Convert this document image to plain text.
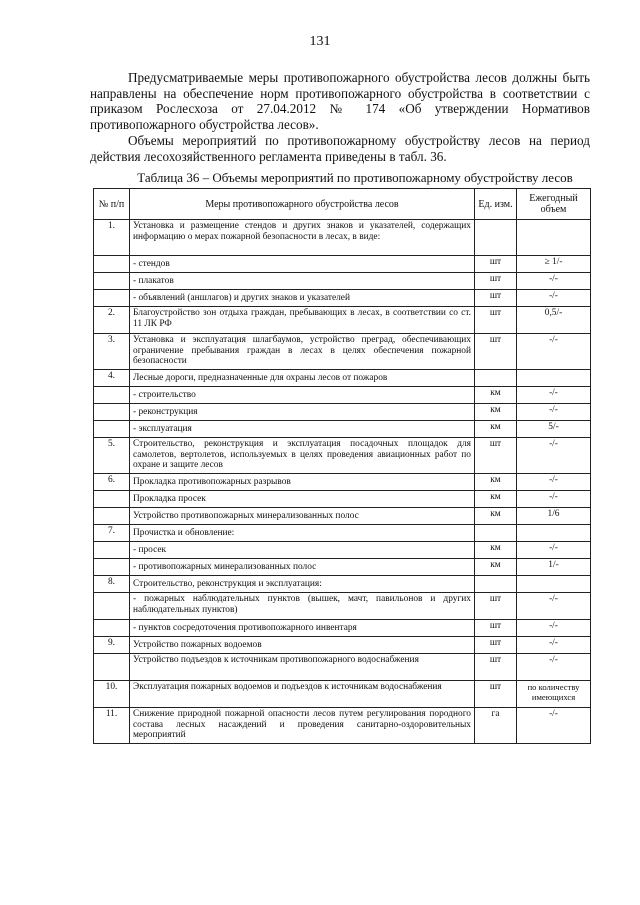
131

Предусматриваемые меры противопожарного обустройства лесов должны быть направлены на обеспечение норм противопожарного обустройства в соответствии с приказом Рослесхоза от 27.04.2012 № 174 «Об утверждении Нормативов противопожарного обустройства лесов».

Объемы мероприятий по противопожарному обустройству лесов на период действия лесохозяйственного регламента приведены в табл. 36.

Таблица 36 – Объемы мероприятий по противопожарному обустройству лесов
№ п/п	Меры противопожарного обустройства лесов	Ед. изм.	Ежегодный объем
1.	Установка и размещение стендов и других знаков и указателей, содержащих информацию о мерах пожарной безопасности в лесах, в виде:		
	- стендов	шт	≥ 1/-
	- плакатов	шт	-/-
	- объявлений (аншлагов) и других знаков и указателей	шт	-/-
2.	Благоустройство зон отдыха граждан, пребывающих в лесах, в соответствии со ст. 11 ЛК РФ	шт	0,5/-
3.	Установка и эксплуатация шлагбаумов, устройство преград, обеспечивающих ограничение пребывания граждан в лесах в целях обеспечения пожарной безопасности	шт	-/-
4.	Лесные дороги, предназначенные для охраны лесов от пожаров		
	- строительство	км	-/-
	- реконструкция	км	-/-
	- эксплуатация	км	5/-
5.	Строительство, реконструкция и эксплуатация посадочных площадок для самолетов, вертолетов, используемых в целях проведения авиационных работ по охране и защите лесов	шт	-/-
6.	Прокладка противопожарных разрывов	км	-/-
	Прокладка просек	км	-/-
	Устройство противопожарных минерализованных полос	км	1/6
7.	Прочистка и обновление:		
	- просек	км	-/-
	- противопожарных минерализованных полос	км	1/-
8.	Строительство, реконструкция и эксплуатация:		
	- пожарных наблюдательных пунктов (вышек, мачт, павильонов и других наблюдательных пунктов)	шт	-/-
	- пунктов сосредоточения противопожарного инвентаря	шт	-/-
9.	Устройство пожарных водоемов	шт	-/-
	Устройство подъездов к источникам противопожарного водоснабжения	шт	-/-
10.	Эксплуатация пожарных водоемов и подъездов к источникам водоснабжения	шт	по количеству имеющихся
11.	Снижение природной пожарной опасности лесов путем регулирования породного состава лесных насаждений и проведения санитарно-оздоровительных мероприятий	га	-/-
